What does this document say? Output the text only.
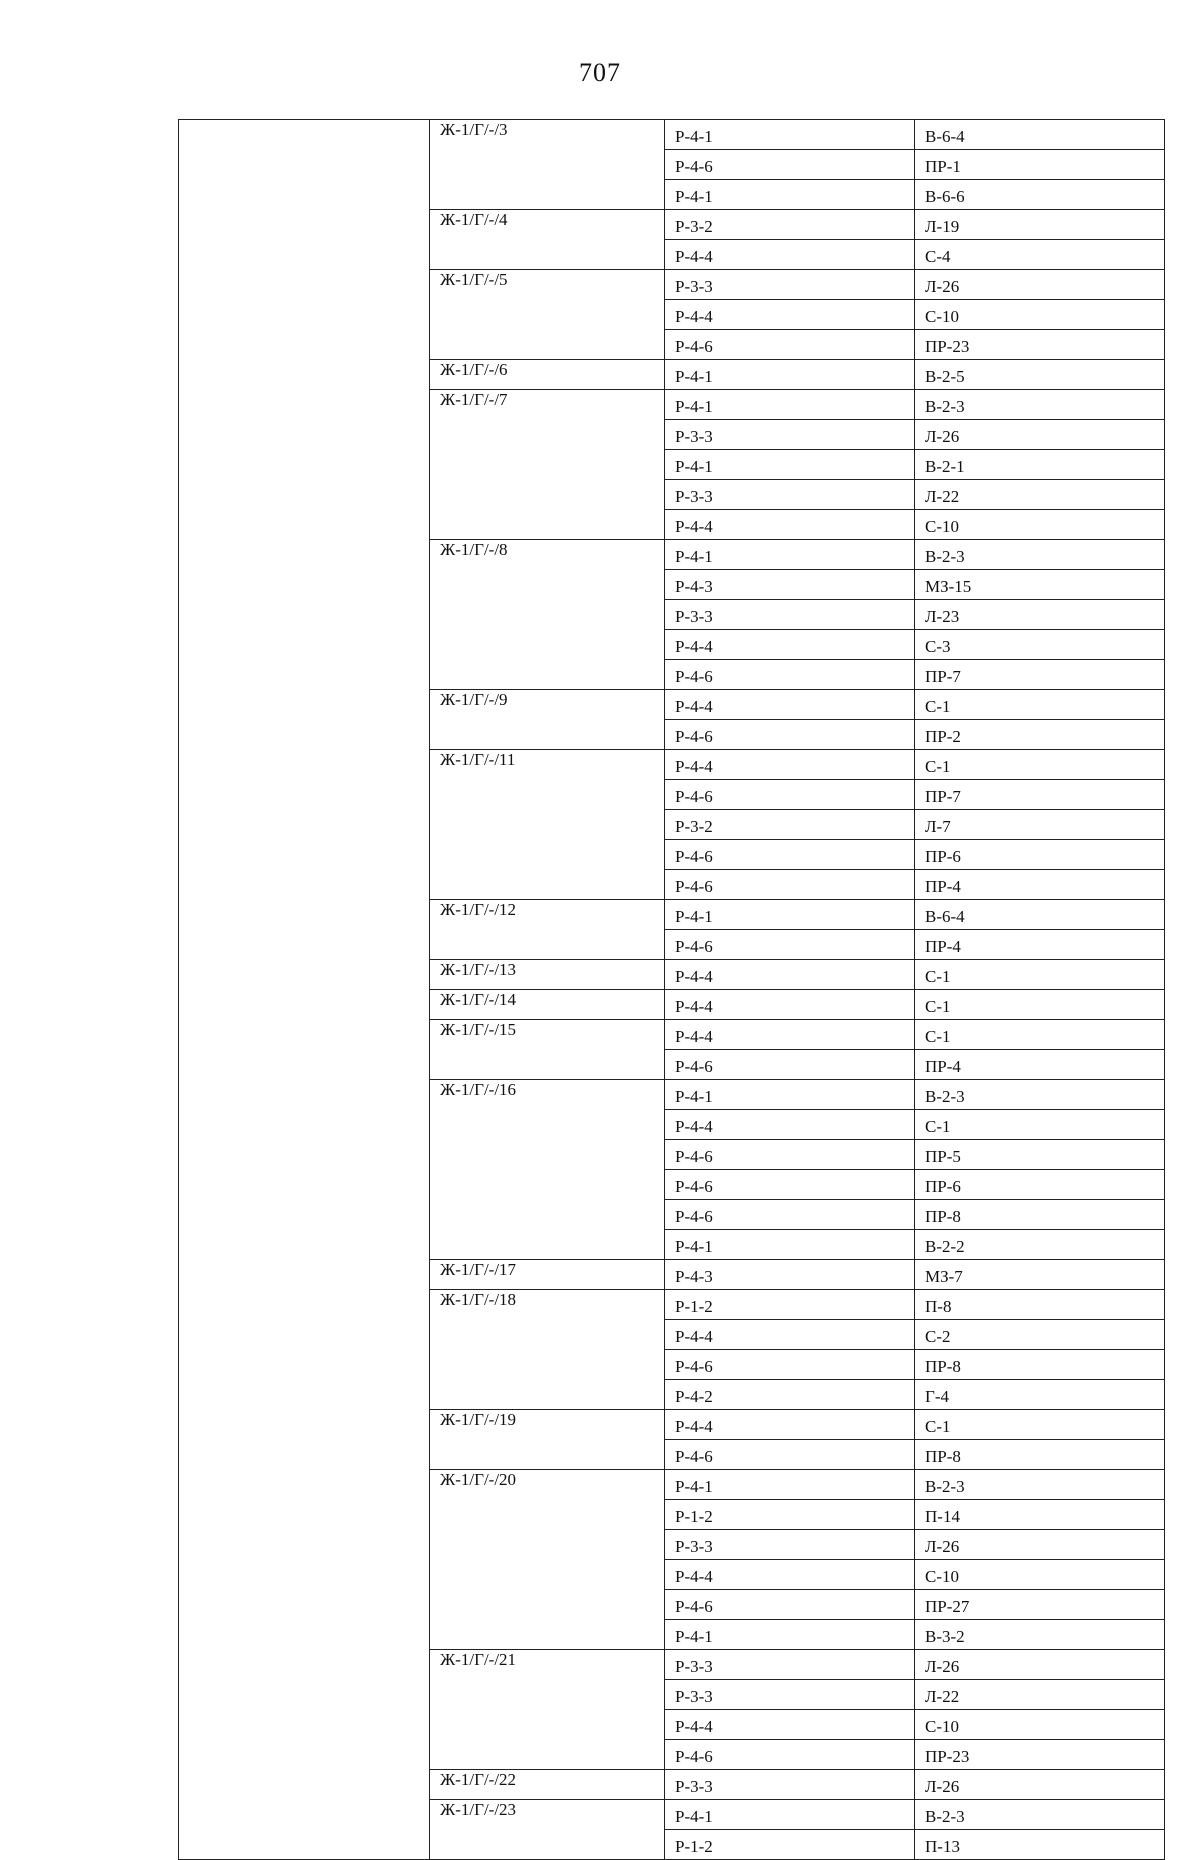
707
	Ж-1/Г/-/3	Р-4-1	В-6-4
		Р-4-6	ПР-1
		Р-4-1	В-6-6
	Ж-1/Г/-/4	Р-3-2	Л-19
		Р-4-4	С-4
	Ж-1/Г/-/5	Р-3-3	Л-26
		Р-4-4	С-10
		Р-4-6	ПР-23
	Ж-1/Г/-/6	Р-4-1	В-2-5
	Ж-1/Г/-/7	Р-4-1	В-2-3
		Р-3-3	Л-26
		Р-4-1	В-2-1
		Р-3-3	Л-22
		Р-4-4	С-10
	Ж-1/Г/-/8	Р-4-1	В-2-3
		Р-4-3	МЗ-15
		Р-3-3	Л-23
		Р-4-4	С-3
		Р-4-6	ПР-7
	Ж-1/Г/-/9	Р-4-4	С-1
		Р-4-6	ПР-2
	Ж-1/Г/-/11	Р-4-4	С-1
		Р-4-6	ПР-7
		Р-3-2	Л-7
		Р-4-6	ПР-6
		Р-4-6	ПР-4
	Ж-1/Г/-/12	Р-4-1	В-6-4
		Р-4-6	ПР-4
	Ж-1/Г/-/13	Р-4-4	С-1
	Ж-1/Г/-/14	Р-4-4	С-1
	Ж-1/Г/-/15	Р-4-4	С-1
		Р-4-6	ПР-4
	Ж-1/Г/-/16	Р-4-1	В-2-3
		Р-4-4	С-1
		Р-4-6	ПР-5
		Р-4-6	ПР-6
		Р-4-6	ПР-8
		Р-4-1	В-2-2
	Ж-1/Г/-/17	Р-4-3	МЗ-7
	Ж-1/Г/-/18	Р-1-2	П-8
		Р-4-4	С-2
		Р-4-6	ПР-8
		Р-4-2	Г-4
	Ж-1/Г/-/19	Р-4-4	С-1
		Р-4-6	ПР-8
	Ж-1/Г/-/20	Р-4-1	В-2-3
		Р-1-2	П-14
		Р-3-3	Л-26
		Р-4-4	С-10
		Р-4-6	ПР-27
		Р-4-1	В-3-2
	Ж-1/Г/-/21	Р-3-3	Л-26
		Р-3-3	Л-22
		Р-4-4	С-10
		Р-4-6	ПР-23
	Ж-1/Г/-/22	Р-3-3	Л-26
	Ж-1/Г/-/23	Р-4-1	В-2-3
		Р-1-2	П-13
